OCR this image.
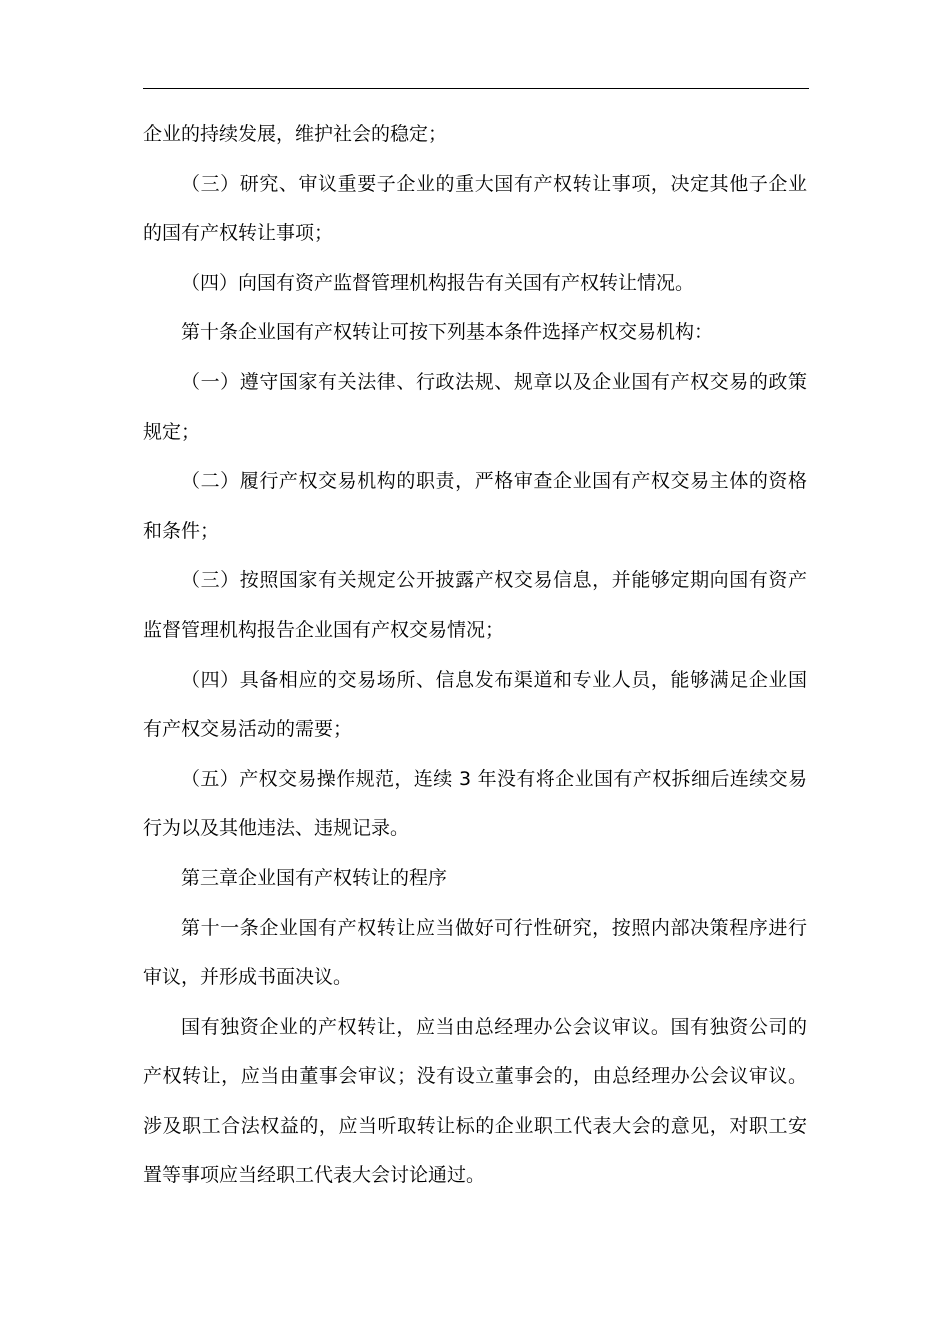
企业的持续发展，维护社会的稳定；

（三）研究、审议重要子企业的重大国有产权转让事项，决定其他子企业的国有产权转让事项；

（四）向国有资产监督管理机构报告有关国有产权转让情况。

第十条企业国有产权转让可按下列基本条件选择产权交易机构：

（一）遵守国家有关法律、行政法规、规章以及企业国有产权交易的政策规定；

（二）履行产权交易机构的职责，严格审查企业国有产权交易主体的资格和条件；

（三）按照国家有关规定公开披露产权交易信息，并能够定期向国有资产监督管理机构报告企业国有产权交易情况；

（四）具备相应的交易场所、信息发布渠道和专业人员，能够满足企业国有产权交易活动的需要；

（五）产权交易操作规范，连续 3 年没有将企业国有产权拆细后连续交易行为以及其他违法、违规记录。

第三章企业国有产权转让的程序

第十一条企业国有产权转让应当做好可行性研究，按照内部决策程序进行审议，并形成书面决议。

国有独资企业的产权转让，应当由总经理办公会议审议。国有独资公司的产权转让，应当由董事会审议；没有设立董事会的，由总经理办公会议审议。涉及职工合法权益的，应当听取转让标的企业职工代表大会的意见，对职工安置等事项应当经职工代表大会讨论通过。
